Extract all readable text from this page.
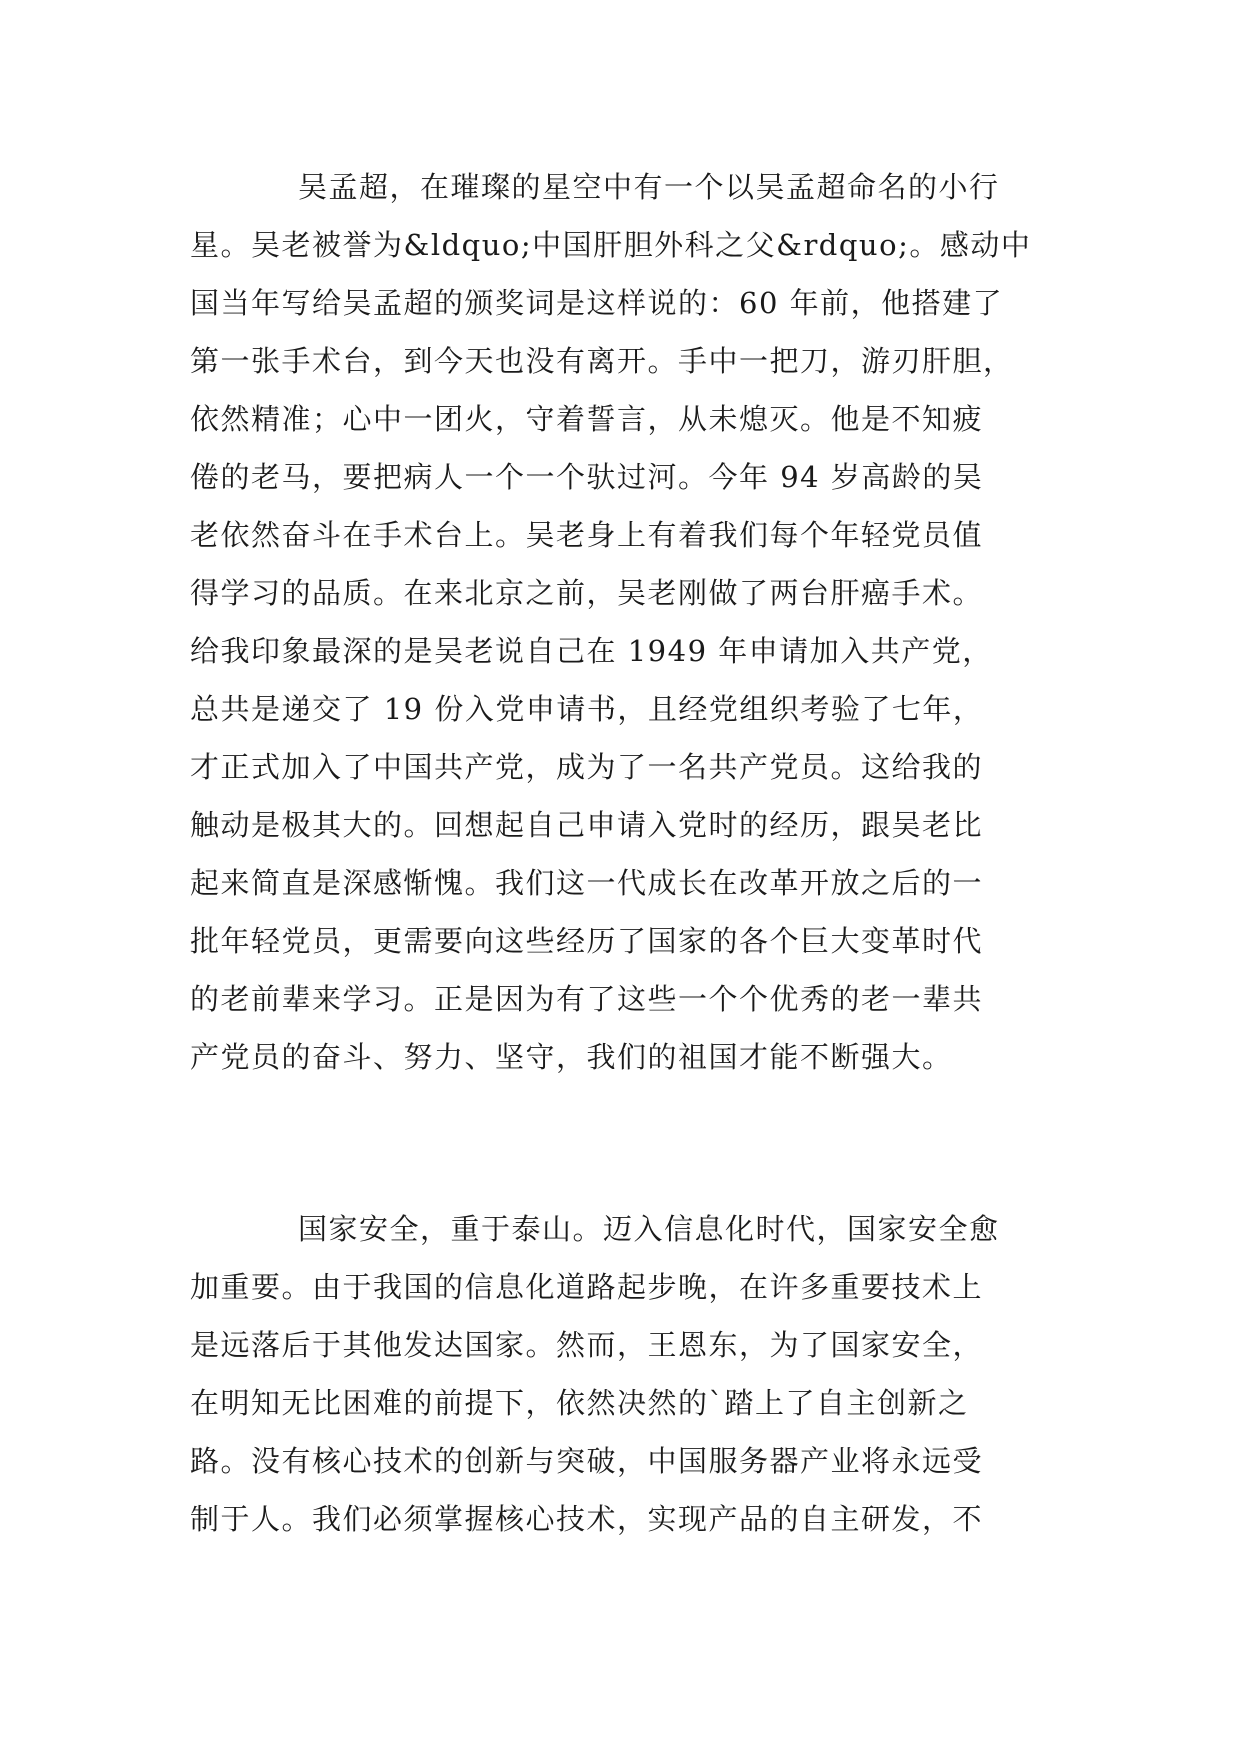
吴孟超，在璀璨的星空中有一个以吴孟超命名的小行
星。吴老被誉为&ldquo;中国肝胆外科之父&rdquo;。感动中
国当年写给吴孟超的颁奖词是这样说的：60 年前，他搭建了
第一张手术台，到今天也没有离开。手中一把刀，游刃肝胆，
依然精准；心中一团火，守着誓言，从未熄灭。他是不知疲
倦的老马，要把病人一个一个驮过河。今年 94 岁高龄的吴
老依然奋斗在手术台上。吴老身上有着我们每个年轻党员值
得学习的品质。在来北京之前，吴老刚做了两台肝癌手术。
给我印象最深的是吴老说自己在 1949 年申请加入共产党，
总共是递交了 19 份入党申请书，且经党组织考验了七年，
才正式加入了中国共产党，成为了一名共产党员。这给我的
触动是极其大的。回想起自己申请入党时的经历，跟吴老比
起来简直是深感惭愧。我们这一代成长在改革开放之后的一
批年轻党员，更需要向这些经历了国家的各个巨大变革时代
的老前辈来学习。正是因为有了这些一个个优秀的老一辈共
产党员的奋斗、努力、坚守，我们的祖国才能不断强大。
国家安全，重于泰山。迈入信息化时代，国家安全愈
加重要。由于我国的信息化道路起步晚，在许多重要技术上
是远落后于其他发达国家。然而，王恩东，为了国家安全，
在明知无比困难的前提下，依然决然的`踏上了自主创新之
路。没有核心技术的创新与突破，中国服务器产业将永远受
制于人。我们必须掌握核心技术，实现产品的自主研发，不
